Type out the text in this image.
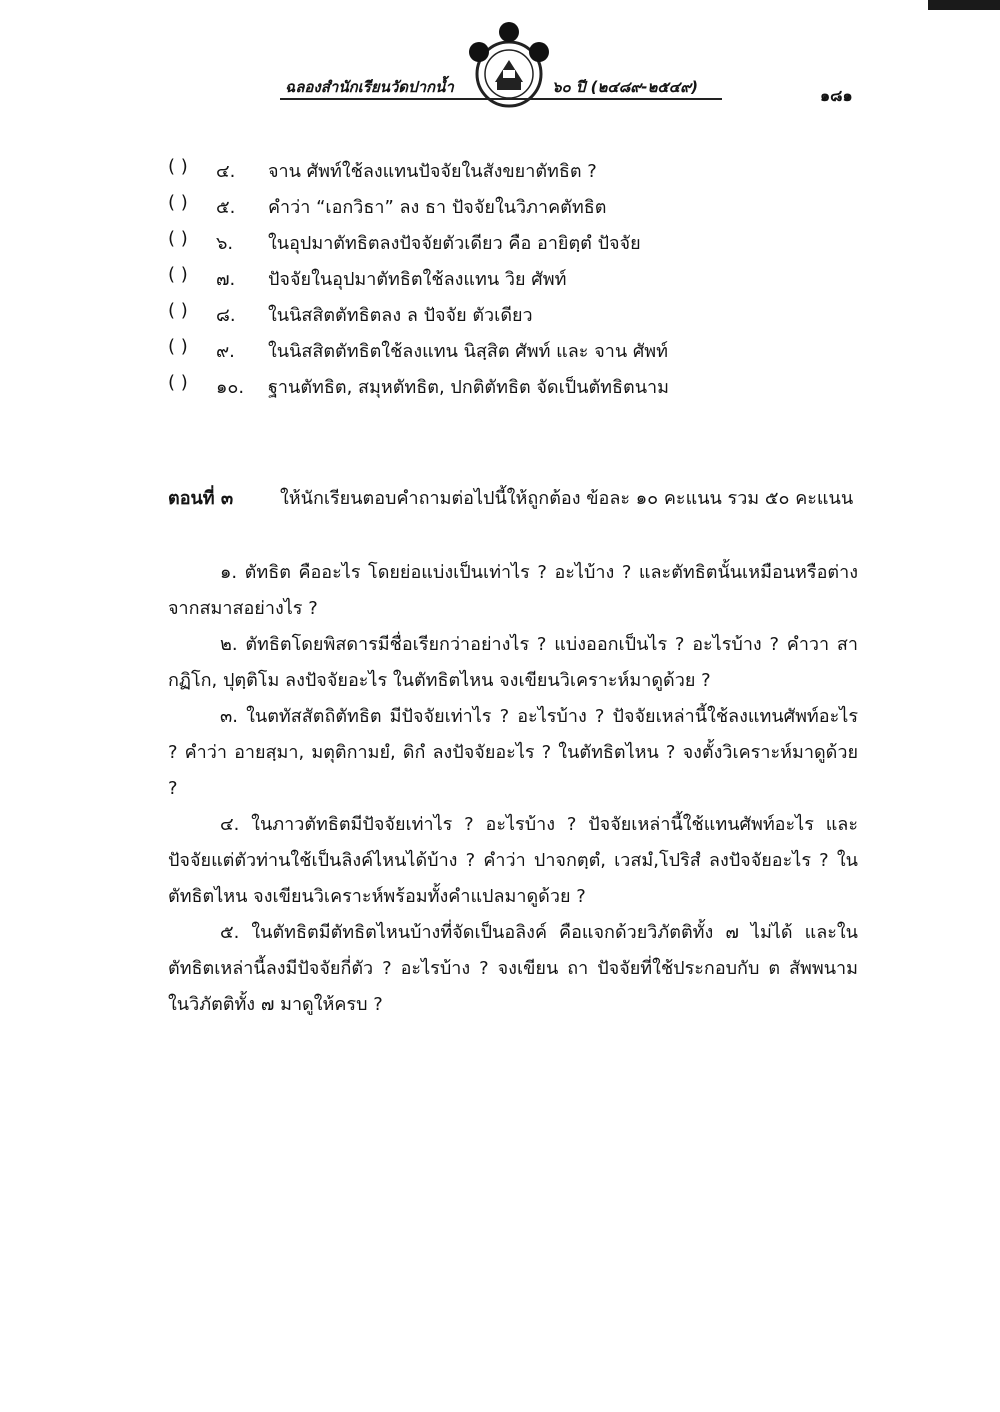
ฉลองสำนักเรียนวัดปากน้ำ	๖๐ ปี (๒๔๘๙-๒๕๔๙)	๑๘๑
( ) ๔. จาน ศัพท์ใช้ลงแทนปัจจัยในสังขยาตัทธิต ?
( ) ๕. คำว่า “เอกวิธา” ลง ธา ปัจจัยในวิภาคตัทธิต
( ) ๖. ในอุปมาตัทธิตลงปัจจัยตัวเดียว คือ อายิตฺตํ ปัจจัย
( ) ๗. ปัจจัยในอุปมาตัทธิตใช้ลงแทน วิย ศัพท์
( ) ๘. ในนิสสิตตัทธิตลง ล ปัจจัย ตัวเดียว
( ) ๙. ในนิสสิตตัทธิตใช้ลงแทน นิสฺสิต ศัพท์ และ จาน ศัพท์
( ) ๑๐. ฐานตัทธิต, สมุหตัทธิต, ปกติตัทธิต จัดเป็นตัทธิตนาม
ตอนที่ ๓	ให้นักเรียนตอบคำถามต่อไปนี้ให้ถูกต้อง ข้อละ ๑๐ คะแนน รวม ๕๐ คะแนน

๑. ตัทธิต คืออะไร โดยย่อแบ่งเป็นเท่าไร ? อะไบ้าง ? และตัทธิตนั้นเหมือนหรือต่างจากสมาสอย่างไร ?

๒. ตัทธิตโดยพิสดารมีชื่อเรียกว่าอย่างไร ? แบ่งออกเป็นไร ? อะไรบ้าง ? คำวา สากฏิโก, ปุตฺติโม ลงปัจจัยอะไร ในตัทธิตไหน จงเขียนวิเคราะห์มาดูด้วย ?

๓. ในตทัสสัตถิตัทธิต มีปัจจัยเท่าไร ? อะไรบ้าง ? ปัจจัยเหล่านี้ใช้ลงแทนศัพท์อะไร ? คำว่า อายสฺมา, มตุติกามยํ, ดิกํ ลงปัจจัยอะไร ? ในตัทธิตไหน ? จงตั้งวิเคราะห์มาดูด้วย ?

๔. ในภาวตัทธิตมีปัจจัยเท่าไร ? อะไรบ้าง ? ปัจจัยเหล่านี้ใช้แทนศัพท์อะไร และปัจจัยแต่ตัวท่านใช้เป็นลิงค์ไหนได้บ้าง ? คำว่า ปาจกตฺตํ, เวสมํ,โปริสํ ลงปัจจัยอะไร ? ในตัทธิตไหน จงเขียนวิเคราะห์พร้อมทั้งคำแปลมาดูด้วย ?

๕. ในตัทธิตมีตัทธิตไหนบ้างที่จัดเป็นอลิงค์ คือแจกด้วยวิภัตติทั้ง ๗ ไม่ได้ และในตัทธิตเหล่านี้ลงมีปัจจัยกี่ตัว ? อะไรบ้าง ? จงเขียน ถา ปัจจัยที่ใช้ประกอบกับ ต สัพพนาม ในวิภัตติทั้ง ๗ มาดูให้ครบ ?
